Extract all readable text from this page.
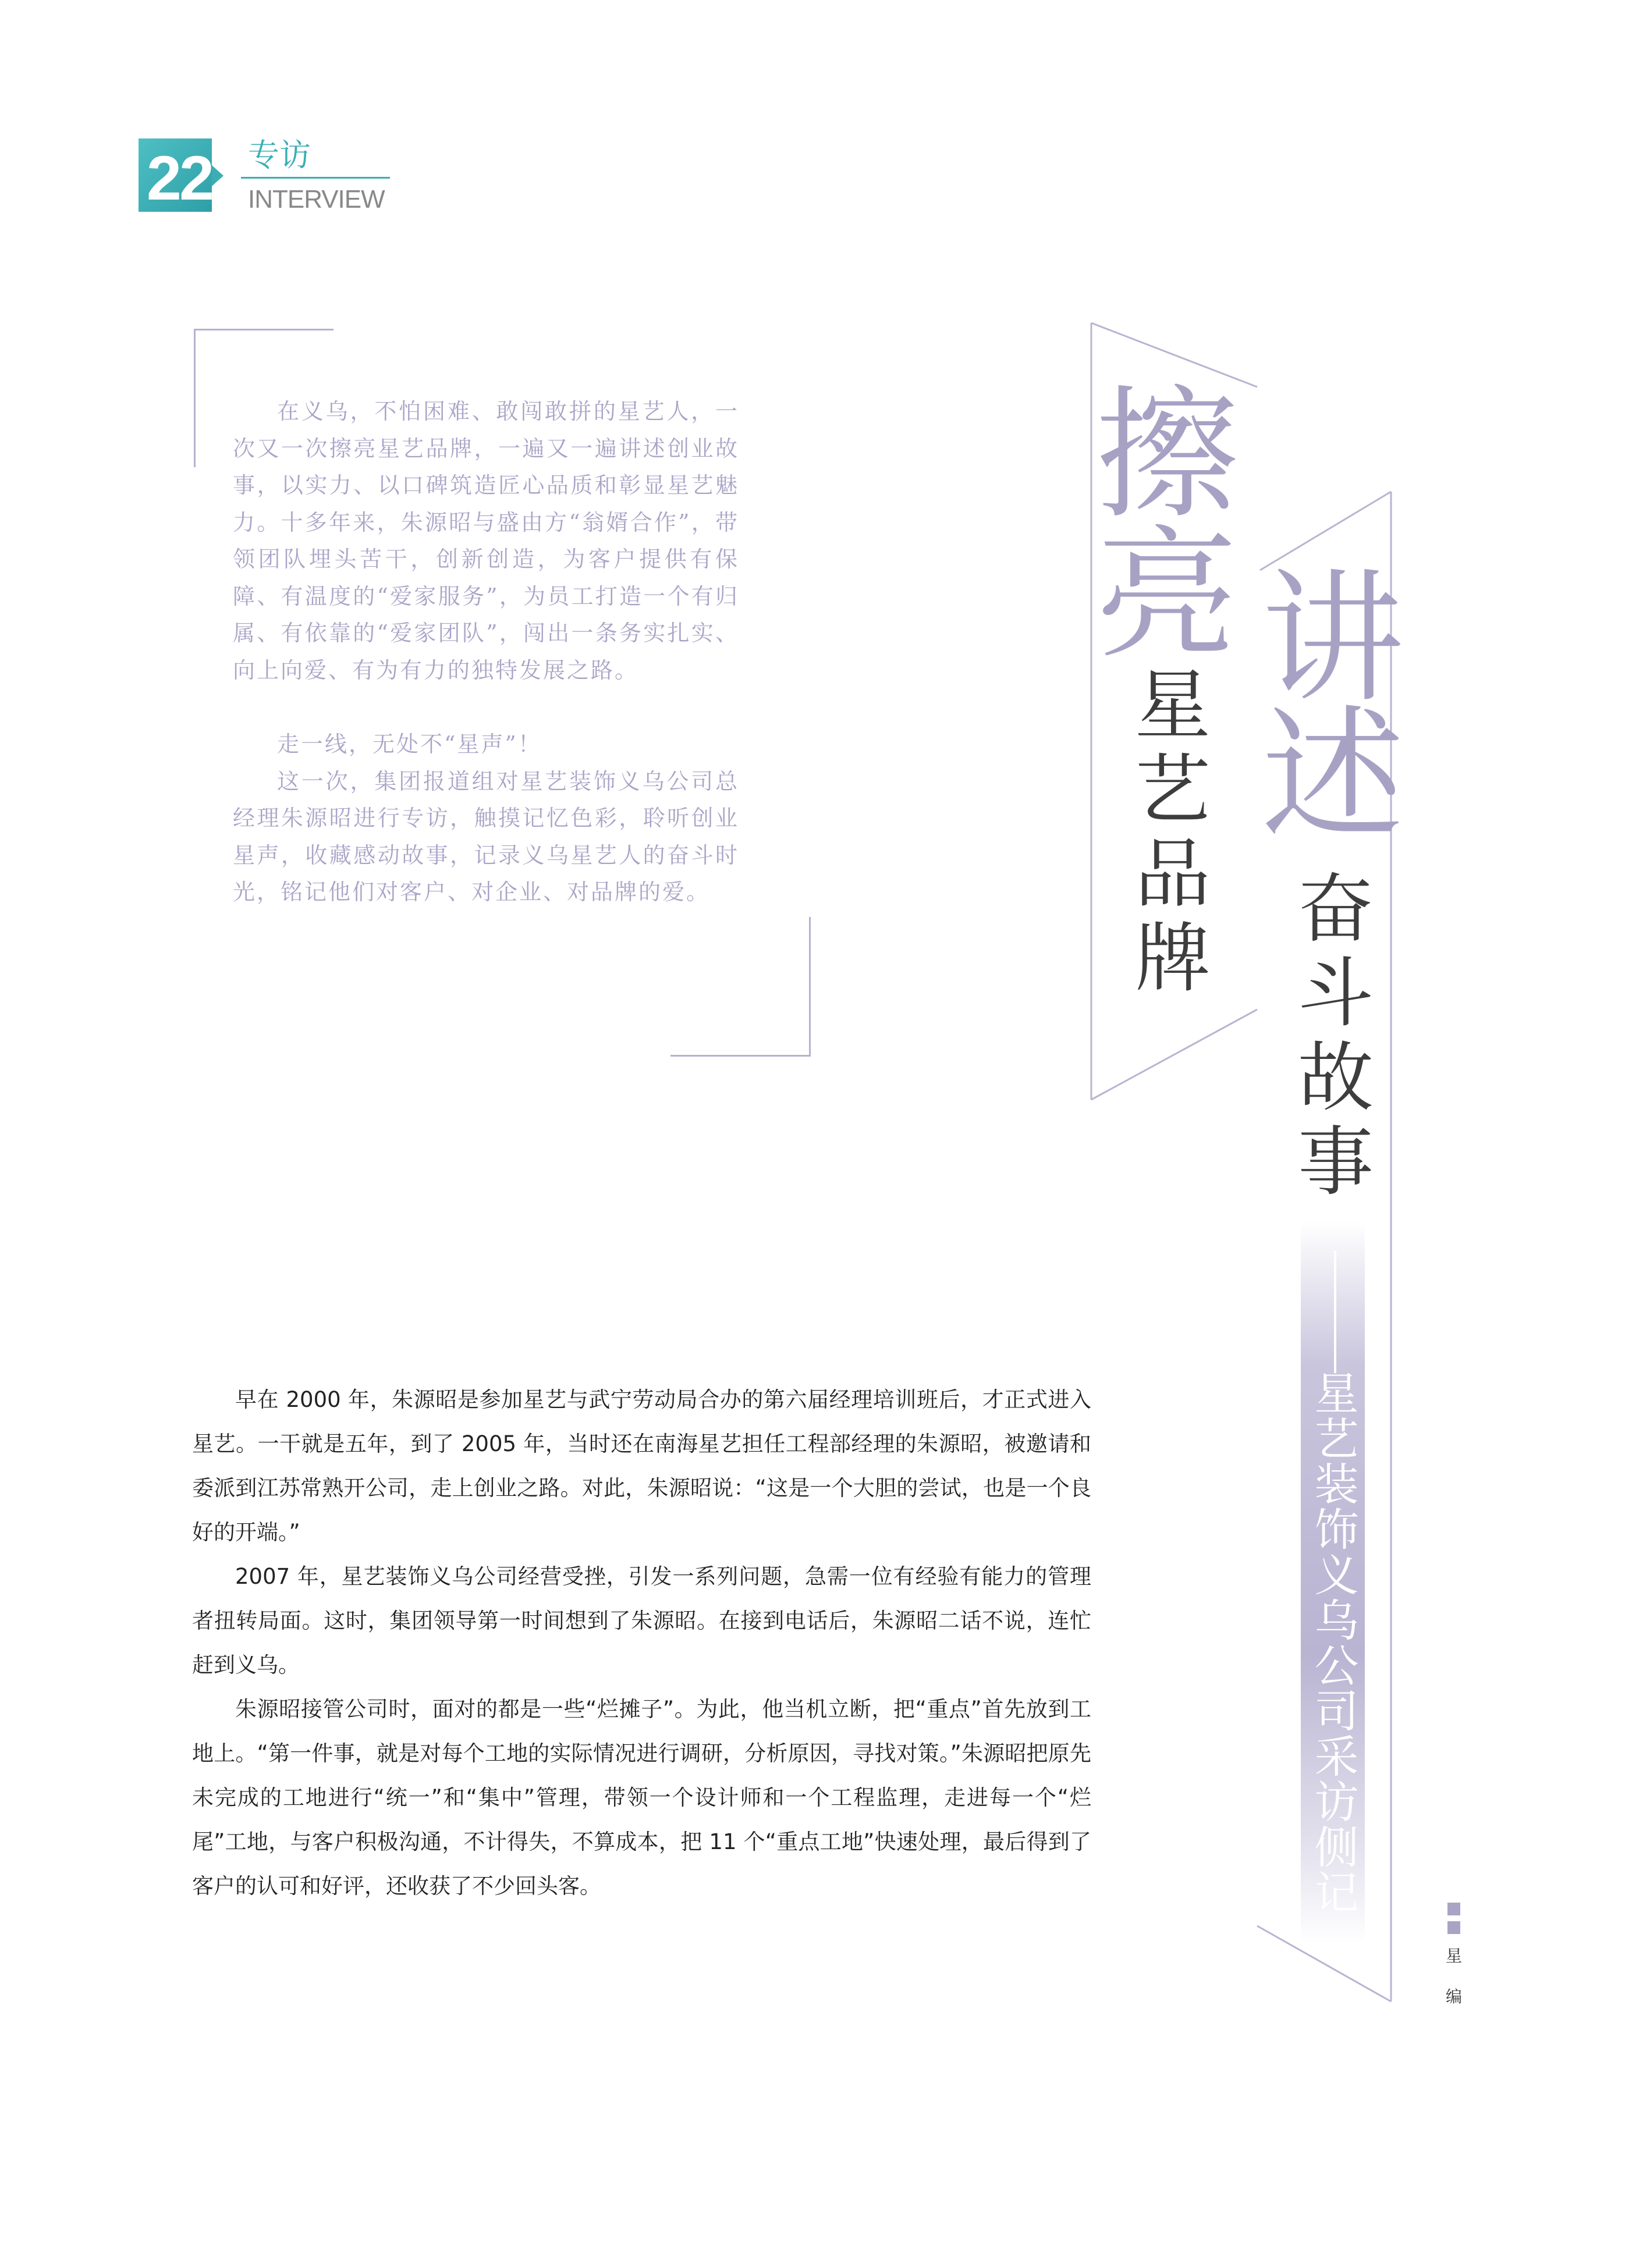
22 专访
INTERVIEW

在义乌，不怕困难、敢闯敢拼的星艺人，一次又一次擦亮星艺品牌，一遍又一遍讲述创业故事，以实力、以口碑筑造匠心品质和彰显星艺魅力。十多年来，朱源昭与盛由方“翁婿合作”，带领团队埋头苦干，创新创造，为客户提供有保障、有温度的“爱家服务”，为员工打造一个有归属、有依靠的“爱家团队”，闯出一条务实扎实、向上向爱、有为有力的独特发展之路。

走一线，无处不“星声”！

这一次，集团报道组对星艺装饰义乌公司总经理朱源昭进行专访，触摸记忆色彩，聆听创业星声，收藏感动故事，记录义乌星艺人的奋斗时光，铭记他们对客户、对企业、对品牌的爱。

擦
亮
星
艺
品
牌
讲
述
奋
斗
故
事
星艺装饰义乌公司采访侧记

早在 2000 年，朱源昭是参加星艺与武宁劳动局合办的第六届经理培训班后，才正式进入星艺。一干就是五年，到了 2005 年，当时还在南海星艺担任工程部经理的朱源昭，被邀请和委派到江苏常熟开公司，走上创业之路。对此，朱源昭说：“这是一个大胆的尝试，也是一个良好的开端。”

2007 年，星艺装饰义乌公司经营受挫，引发一系列问题，急需一位有经验有能力的管理者扭转局面。这时，集团领导第一时间想到了朱源昭。在接到电话后，朱源昭二话不说，连忙赶到义乌。

朱源昭接管公司时，面对的都是一些“烂摊子”。为此，他当机立断，把“重点”首先放到工地上。“第一件事，就是对每个工地的实际情况进行调研，分析原因，寻找对策。”朱源昭把原先未完成的工地进行“统一”和“集中”管理，带领一个设计师和一个工程监理，走进每一个“烂尾”工地，与客户积极沟通，不计得失，不算成本，把 11 个“重点工地”快速处理，最后得到了客户的认可和好评，还收获了不少回头客。

星
编
